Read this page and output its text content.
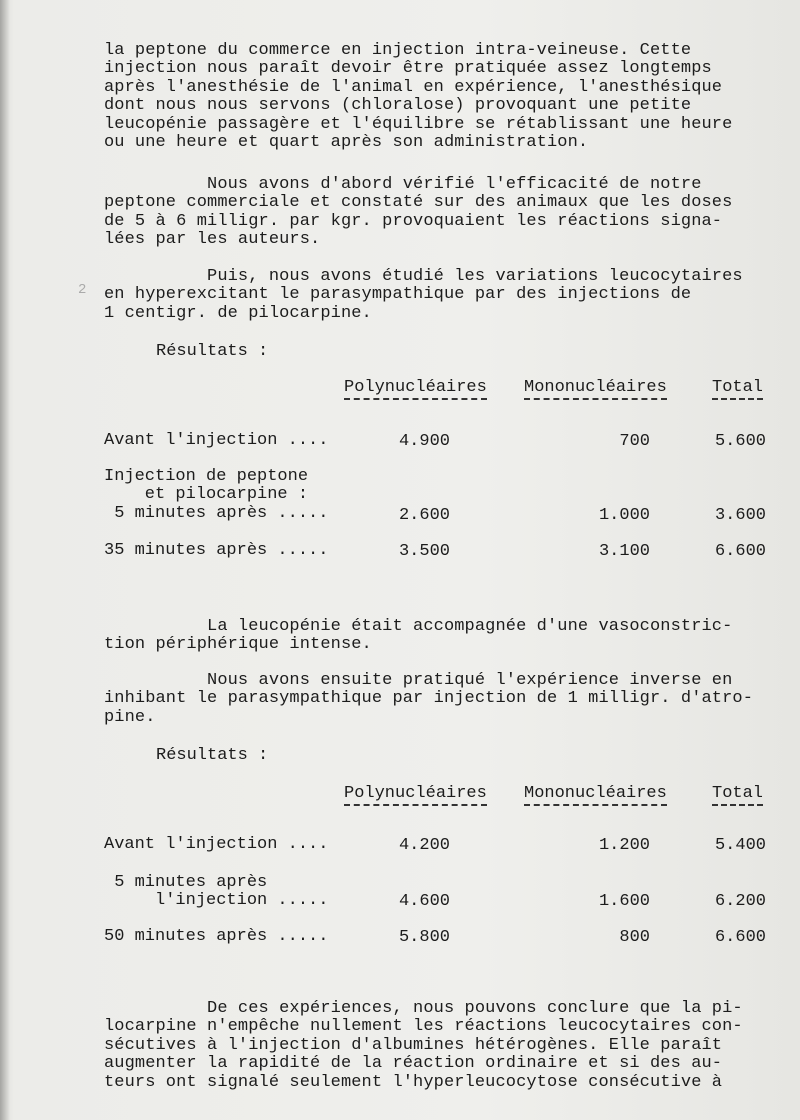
2
la peptone du commerce en injection intra-veineuse. Cette
injection nous paraît devoir être pratiquée assez longtemps
après l'anesthésie de l'animal en expérience, l'anesthésique
dont nous nous servons (chloralose) provoquant une petite
leucopénie passagère et l'équilibre se rétablissant une heure
ou une heure et quart après son administration.
Nous avons d'abord vérifié l'efficacité de notre
peptone commerciale et constaté sur des animaux que les doses
de 5 à 6 milligr. par kgr. provoquaient les réactions signa-
lées par les auteurs.
Puis, nous avons étudié les variations leucocytaires
en hyperexcitant le parasympathique par des injections de
1 centigr. de pilocarpine.
Résultats :
Polynucléaires Mononucléaires	Total
Avant l'injection ....	4.900	700	5.600
Injection de peptone
et pilocarpine :
5 minutes après .....	2.600	1.000	3.600
35 minutes après .....	3.500	3.100	6.600
La leucopénie était accompagnée d'une vasoconstric-
tion périphérique intense.
Nous avons ensuite pratiqué l'expérience inverse en
inhibant le parasympathique par injection de 1 milligr. d'atro-
pine.
Résultats :
Polynucléaires Mononucléaires	Total
Avant l'injection ....	4.200	1.200	5.400
5 minutes après
l'injection .....	4.600	1.600	6.200
50 minutes après .....	5.800	800	6.600
De ces expériences, nous pouvons conclure que la pi-
locarpine n'empêche nullement les réactions leucocytaires con-
sécutives à l'injection d'albumines hétérogènes. Elle paraît
augmenter la rapidité de la réaction ordinaire et si des au-
teurs ont signalé seulement l'hyperleucocytose consécutive à
